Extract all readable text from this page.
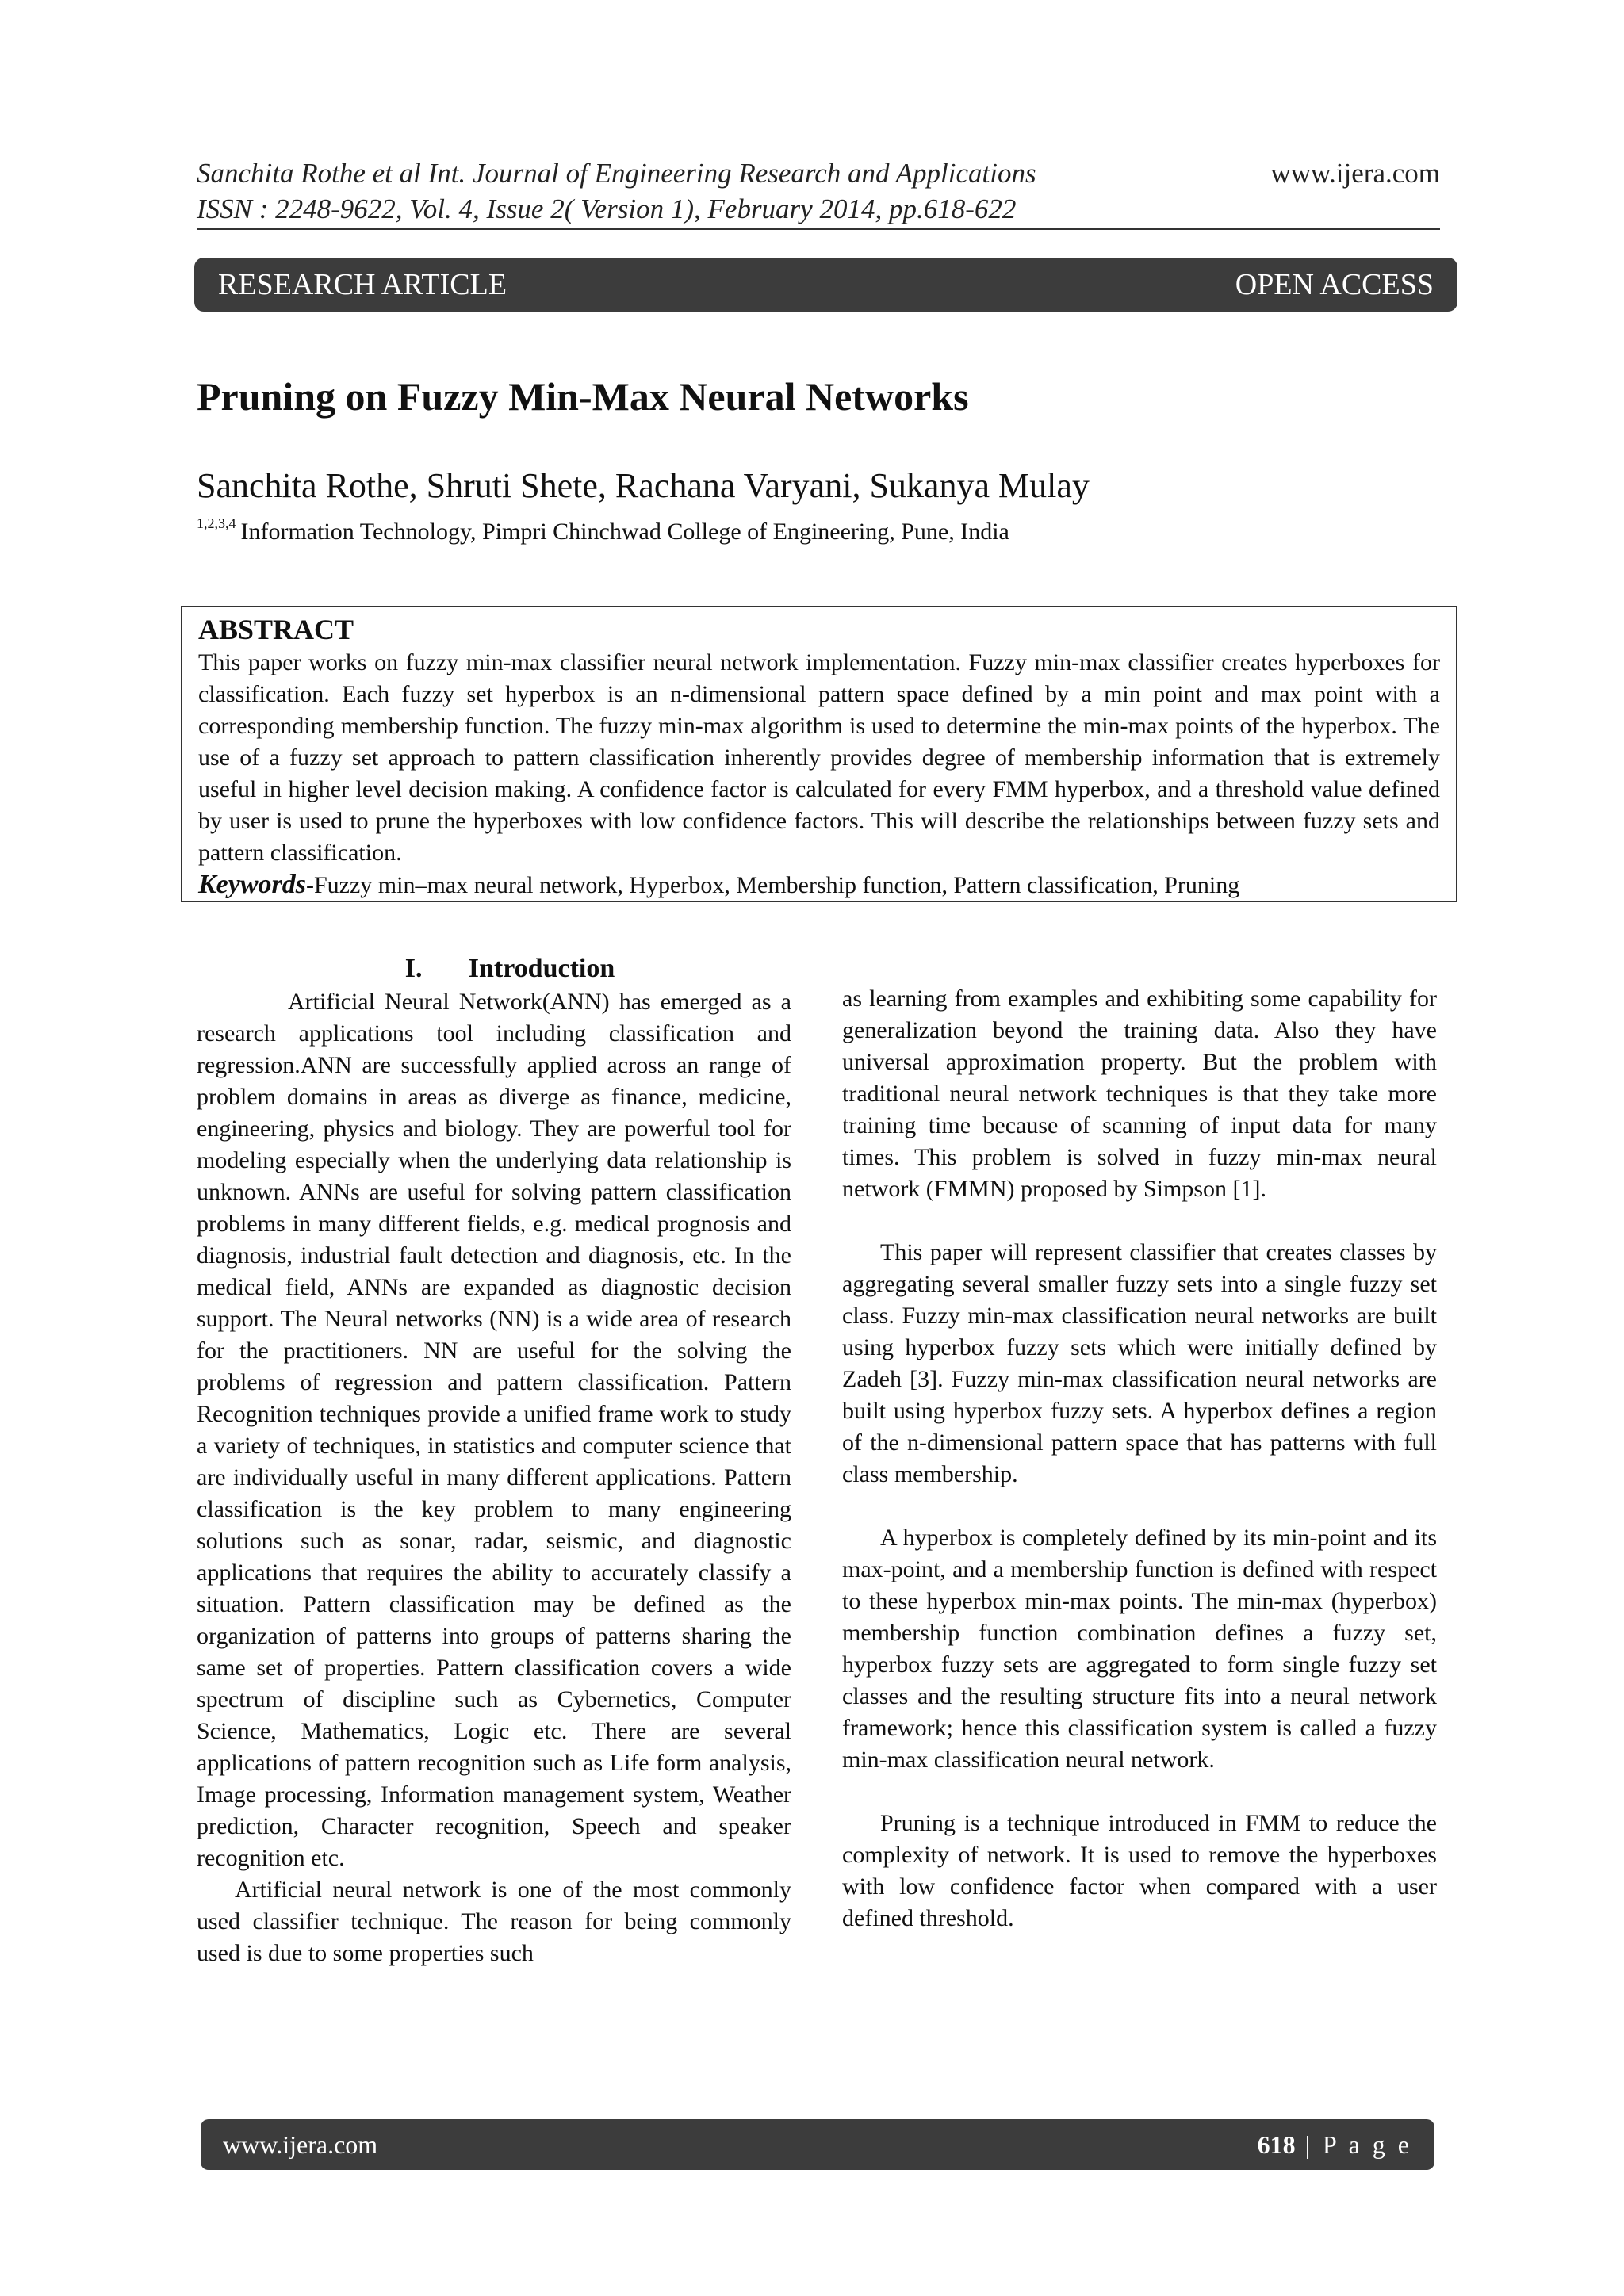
Sanchita Rothe et al Int. Journal of Engineering Research and Applications
ISSN : 2248-9622, Vol. 4, Issue 2( Version 1), February 2014, pp.618-622
www.ijera.com
RESEARCH ARTICLE	OPEN ACCESS
Pruning on Fuzzy Min-Max Neural Networks
Sanchita Rothe, Shruti Shete, Rachana Varyani, Sukanya Mulay
$^{1,2,3,4}$ Information Technology, Pimpri Chinchwad College of Engineering, Pune, India
ABSTRACT

This paper works on fuzzy min-max classifier neural network implementation. Fuzzy min-max classifier creates hyperboxes for classification. Each fuzzy set hyperbox is an n-dimensional pattern space defined by a min point and max point with a corresponding membership function. The fuzzy min-max algorithm is used to determine the min-max points of the hyperbox. The use of a fuzzy set approach to pattern classification inherently provides degree of membership information that is extremely useful in higher level decision making. A confidence factor is calculated for every FMM hyperbox, and a threshold value defined by user is used to prune the hyperboxes with low confidence factors. This will describe the relationships between fuzzy sets and pattern classification.

Keywords-Fuzzy min–max neural network, Hyperbox, Membership function, Pattern classification, Pruning

I. Introduction

Artificial Neural Network(ANN) has emerged as a research applications tool including classification and regression.ANN are successfully applied across an range of problem domains in areas as diverge as finance, medicine, engineering, physics and biology. They are powerful tool for modeling especially when the underlying data relationship is unknown. ANNs are useful for solving pattern classification problems in many different fields, e.g. medical prognosis and diagnosis, industrial fault detection and diagnosis, etc. In the medical field, ANNs are expanded as diagnostic decision support. The Neural networks (NN) is a wide area of research for the practitioners. NN are useful for the solving the problems of regression and pattern classification. Pattern Recognition techniques provide a unified frame work to study a variety of techniques, in statistics and computer science that are individually useful in many different applications. Pattern classification is the key problem to many engineering solutions such as sonar, radar, seismic, and diagnostic applications that requires the ability to accurately classify a situation. Pattern classification may be defined as the organization of patterns into groups of patterns sharing the same set of properties. Pattern classification covers a wide spectrum of discipline such as Cybernetics, Computer Science, Mathematics, Logic etc. There are several applications of pattern recognition such as Life form analysis, Image processing, Information management system, Weather prediction, Character recognition, Speech and speaker recognition etc.

Artificial neural network is one of the most commonly used classifier technique. The reason for being commonly used is due to some properties such

as learning from examples and exhibiting some capability for generalization beyond the training data. Also they have universal approximation property. But the problem with traditional neural network techniques is that they take more training time because of scanning of input data for many times. This problem is solved in fuzzy min-max neural network (FMMN) proposed by Simpson [1].

This paper will represent classifier that creates classes by aggregating several smaller fuzzy sets into a single fuzzy set class. Fuzzy min-max classification neural networks are built using hyperbox fuzzy sets which were initially defined by Zadeh [3]. Fuzzy min-max classification neural networks are built using hyperbox fuzzy sets. A hyperbox defines a region of the n-dimensional pattern space that has patterns with full class membership.

A hyperbox is completely defined by its min-point and its max-point, and a membership function is defined with respect to these hyperbox min-max points. The min-max (hyperbox) membership function combination defines a fuzzy set, hyperbox fuzzy sets are aggregated to form single fuzzy set classes and the resulting structure fits into a neural network framework; hence this classification system is called a fuzzy min-max classification neural network.

Pruning is a technique introduced in FMM to reduce the complexity of network. It is used to remove the hyperboxes with low confidence factor when compared with a user defined threshold.

www.ijera.com	618 | P a g e
